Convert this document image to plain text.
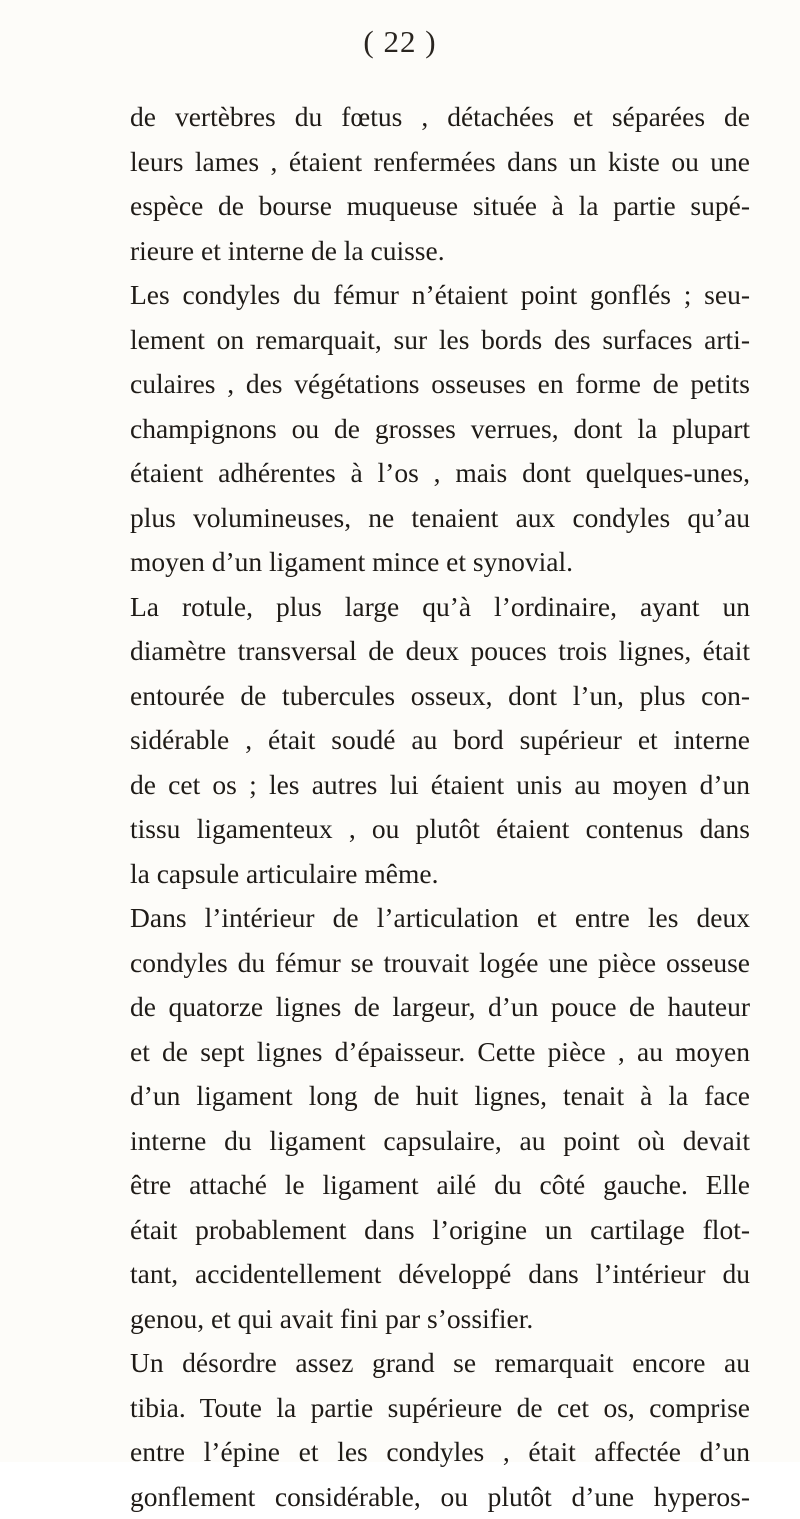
( 22 )
de vertèbres du fœtus , détachées et séparées de
leurs lames , étaient renfermées dans un kiste ou une
espèce de bourse muqueuse située à la partie supé-
rieure et interne de la cuisse.
Les condyles du fémur n’étaient point gonflés ; seu-
lement on remarquait, sur les bords des surfaces arti-
culaires , des végétations osseuses en forme de petits
champignons ou de grosses verrues, dont la plupart
étaient adhérentes à l’os , mais dont quelques-unes,
plus volumineuses, ne tenaient aux condyles qu’au
moyen d’un ligament mince et synovial.
La rotule, plus large qu’à l’ordinaire, ayant un
diamètre transversal de deux pouces trois lignes, était
entourée de tubercules osseux, dont l’un, plus con-
sidérable , était soudé au bord supérieur et interne
de cet os ; les autres lui étaient unis au moyen d’un
tissu ligamenteux , ou plutôt étaient contenus dans
la capsule articulaire même.
Dans l’intérieur de l’articulation et entre les deux
condyles du fémur se trouvait logée une pièce osseuse
de quatorze lignes de largeur, d’un pouce de hauteur
et de sept lignes d’épaisseur. Cette pièce , au moyen
d’un ligament long de huit lignes, tenait à la face
interne du ligament capsulaire, au point où devait
être attaché le ligament ailé du côté gauche. Elle
était probablement dans l’origine un cartilage flot-
tant, accidentellement développé dans l’intérieur du
genou, et qui avait fini par s’ossifier.
Un désordre assez grand se remarquait encore au
tibia. Toute la partie supérieure de cet os, comprise
entre l’épine et les condyles , était affectée d’un
gonflement considérable, ou plutôt d’une hyperos-
